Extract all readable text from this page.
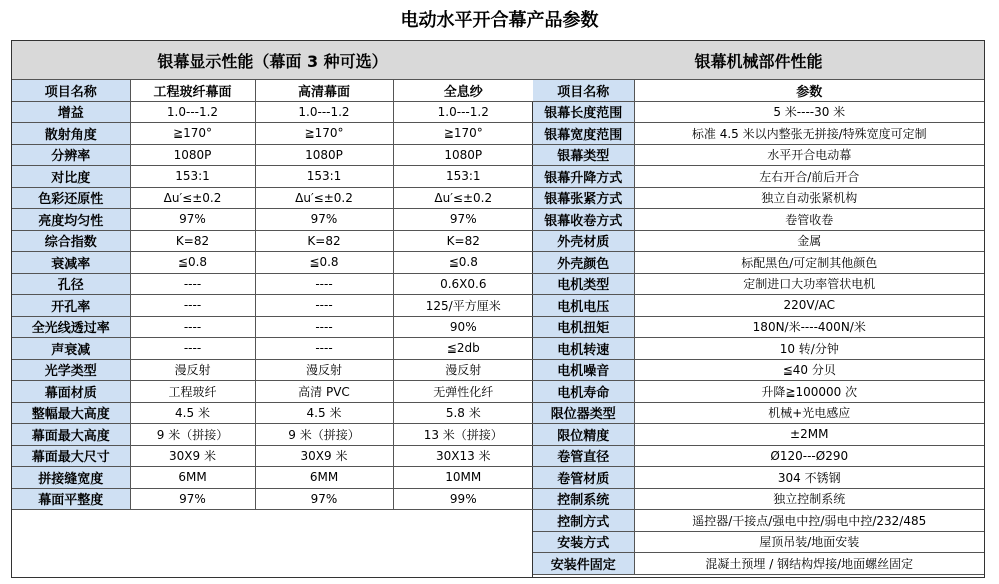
电动水平开合幕产品参数
银幕显示性能（幕面 3 种可选）			
项目名称	工程玻纤幕面	高清幕面	全息纱
增益	1.0---1.2	1.0---1.2	1.0---1.2
散射角度	≧170°	≧170°	≧170°
分辨率	1080P	1080P	1080P
对比度	153:1	153:1	153:1
色彩还原性	Δu′≤±0.2	Δu′≤±0.2	Δu′≤±0.2
亮度均匀性	97%	97%	97%
综合指数	K=82	K=82	K=82
衰减率	≦0.8	≦0.8	≦0.8
孔径	----	----	0.6X0.6
开孔率	----	----	125/平方厘米
全光线透过率	----	----	90%
声衰减	----	----	≦2db
光学类型	漫反射	漫反射	漫反射
幕面材质	工程玻纤	高清 PVC	无弹性化纤
整幅最大高度	4.5 米	4.5 米	5.8 米
幕面最大高度	9 米（拼接）	9 米（拼接）	13 米（拼接）
幕面最大尺寸	30X9 米	30X9 米	30X13 米
拼接缝宽度	6MM	6MM	10MM
幕面平整度	97%	97%	99%
银幕机械部件性能	
项目名称	参数
银幕长度范围	5 米----30 米
银幕宽度范围	标准 4.5 米以内整张无拼接/特殊宽度可定制
银幕类型	水平开合电动幕
银幕升降方式	左右开合/前后开合
银幕张紧方式	独立自动张紧机构
银幕收卷方式	卷管收卷
外壳材质	金属
外壳颜色	标配黑色/可定制其他颜色
电机类型	定制进口大功率管状电机
电机电压	220V/AC
电机扭矩	180N/米----400N/米
电机转速	10 转/分钟
电机噪音	≦40 分贝
电机寿命	升降≧100000 次
限位器类型	机械+光电感应
限位精度	±2MM
卷管直径	Ø120---Ø290
卷管材质	304 不锈钢
控制系统	独立控制系统
控制方式	遥控器/干接点/强电中控/弱电中控/232/485
安装方式	屋顶吊装/地面安装
安装件固定	混凝土预埋 / 钢结构焊接/地面螺丝固定
